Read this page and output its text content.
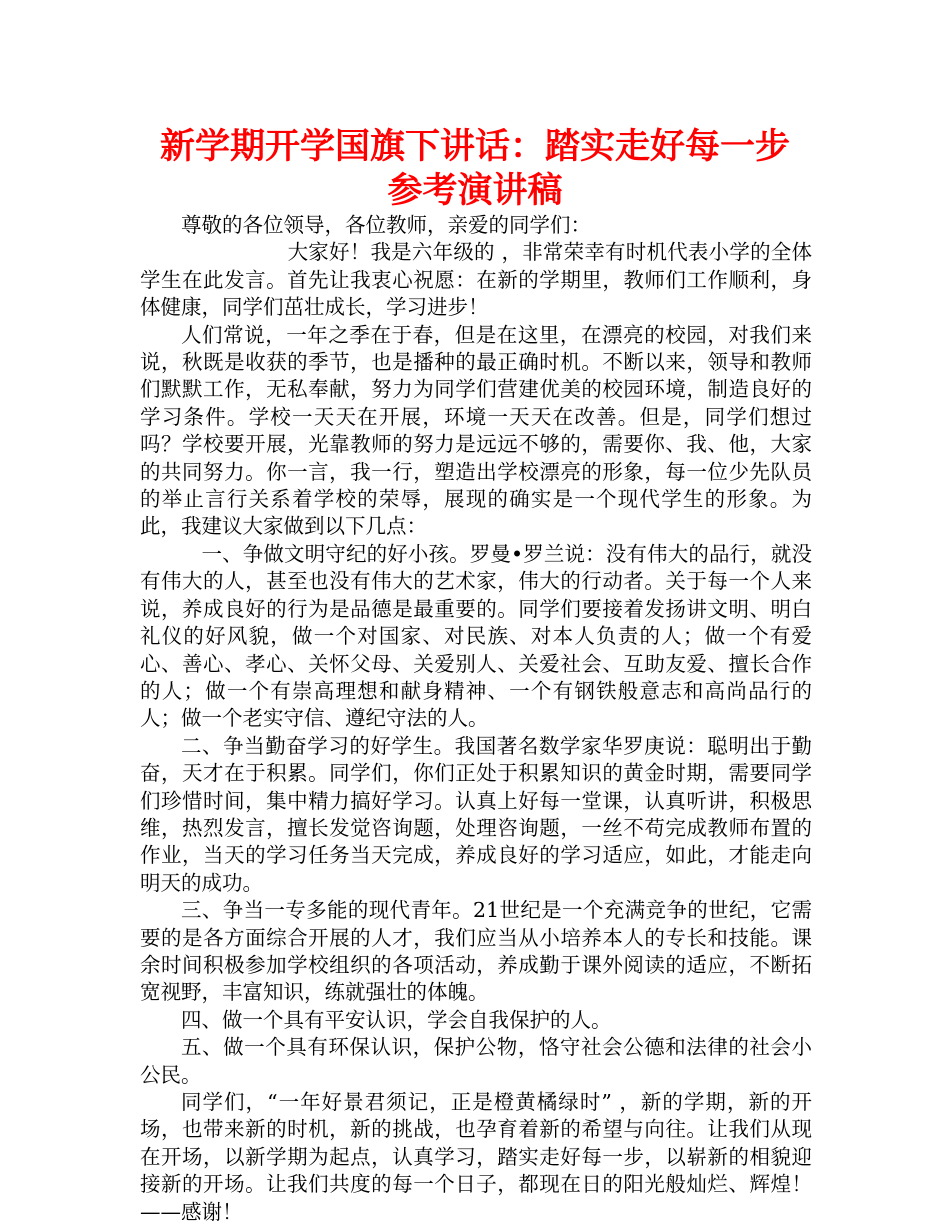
新学期开学国旗下讲话：踏实走好每一步
参考演讲稿

尊敬的各位领导，各位教师，亲爱的同学们：

大家好！我是六年级的 ，非常荣幸有时机代表小学的全体学生在此发言。首先让我衷心祝愿：在新的学期里，教师们工作顺利，身体健康，同学们茁壮成长，学习进步！

人们常说，一年之季在于春，但是在这里，在漂亮的校园，对我们来说，秋既是收获的季节，也是播种的最正确时机。不断以来，领导和教师们默默工作，无私奉献，努力为同学们营建优美的校园环境，制造良好的学习条件。学校一天天在开展，环境一天天在改善。但是，同学们想过吗？学校要开展，光靠教师的努力是远远不够的，需要你、我、他，大家的共同努力。你一言，我一行，塑造出学校漂亮的形象，每一位少先队员的举止言行关系着学校的荣辱，展现的确实是一个现代学生的形象。为此，我建议大家做到以下几点：

一、争做文明守纪的好小孩。罗曼•罗兰说：没有伟大的品行，就没有伟大的人，甚至也没有伟大的艺术家，伟大的行动者。关于每一个人来说，养成良好的行为是品德是最重要的。同学们要接着发扬讲文明、明白礼仪的好风貌，做一个对国家、对民族、对本人负责的人；做一个有爱心、善心、孝心、关怀父母、关爱别人、关爱社会、互助友爱、擅长合作的人；做一个有崇高理想和献身精神、一个有钢铁般意志和高尚品行的人；做一个老实守信、遵纪守法的人。

二、争当勤奋学习的好学生。我国著名数学家华罗庚说：聪明出于勤奋，天才在于积累。同学们，你们正处于积累知识的黄金时期，需要同学们珍惜时间，集中精力搞好学习。认真上好每一堂课，认真听讲，积极思维，热烈发言，擅长发觉咨询题，处理咨询题，一丝不苟完成教师布置的作业，当天的学习任务当天完成，养成良好的学习适应，如此，才能走向明天的成功。

三、争当一专多能的现代青年。21世纪是一个充满竞争的世纪，它需要的是各方面综合开展的人才，我们应当从小培养本人的专长和技能。课余时间积极参加学校组织的各项活动，养成勤于课外阅读的适应，不断拓宽视野，丰富知识，练就强壮的体魄。

四、做一个具有平安认识，学会自我保护的人。

五、做一个具有环保认识，保护公物，恪守社会公德和法律的社会小公民。

同学们，“一年好景君须记，正是橙黄橘绿时” ，新的学期，新的开场，也带来新的时机，新的挑战，也孕育着新的希望与向往。让我们从现在开场，以新学期为起点，认真学习，踏实走好每一步，以崭新的相貌迎接新的开场。让我们共度的每一个日子，都现在日的阳光般灿烂、辉煌！——感谢！
